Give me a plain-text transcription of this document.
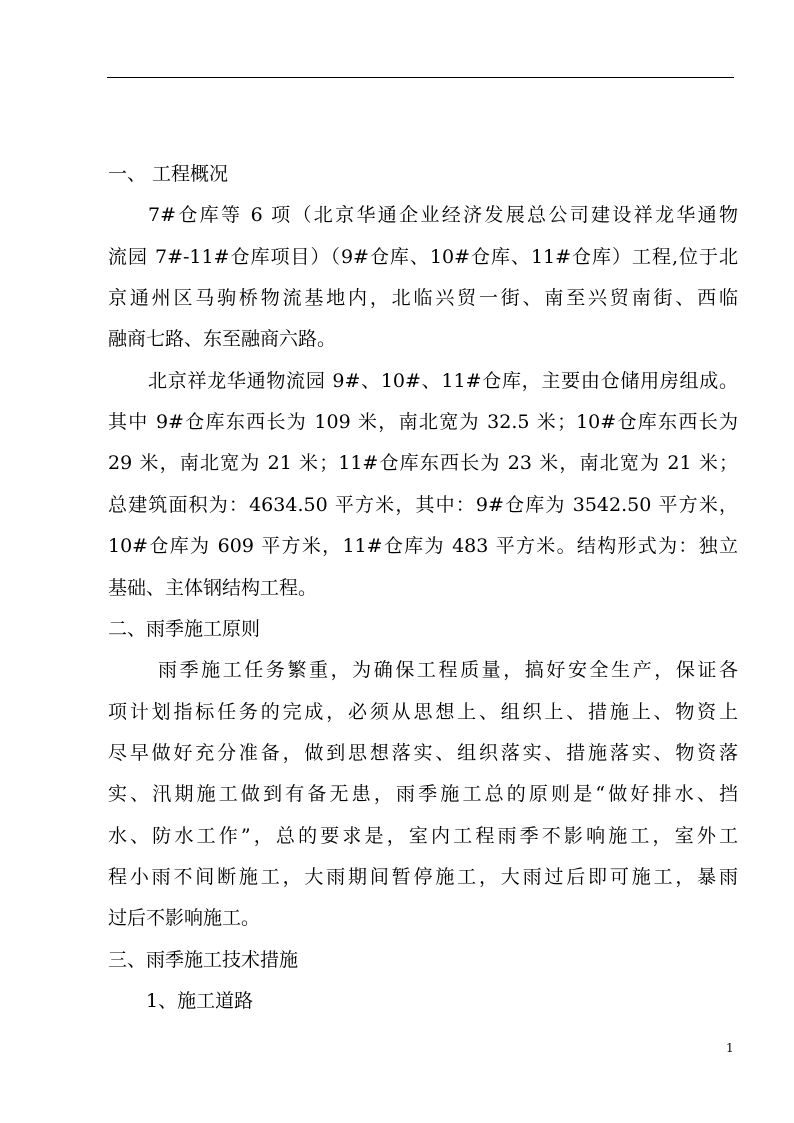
一、 工程概况
7#仓库等 6 项（北京华通企业经济发展总公司建设祥龙华通物
流园 7#-11#仓库项目）（9#仓库、10#仓库、11#仓库）工程,位于北
京通州区马驹桥物流基地内，北临兴贸一街、南至兴贸南街、西临
融商七路、东至融商六路。
北京祥龙华通物流园 9#、10#、11#仓库，主要由仓储用房组成。
其中 9#仓库东西长为 109 米，南北宽为 32.5 米；10#仓库东西长为
29 米，南北宽为 21 米；11#仓库东西长为 23 米，南北宽为 21 米；
总建筑面积为：4634.50 平方米，其中：9#仓库为 3542.50 平方米，
10#仓库为 609 平方米，11#仓库为 483 平方米。结构形式为：独立
基础、主体钢结构工程。
二、雨季施工原则
雨季施工任务繁重，为确保工程质量，搞好安全生产，保证各
项计划指标任务的完成，必须从思想上、组织上、措施上、物资上
尽早做好充分准备，做到思想落实、组织落实、措施落实、物资落
实、汛期施工做到有备无患，雨季施工总的原则是“做好排水、挡
水、防水工作”，总的要求是，室内工程雨季不影响施工，室外工
程小雨不间断施工，大雨期间暂停施工，大雨过后即可施工，暴雨
过后不影响施工。
三、雨季施工技术措施
1、施工道路
1
